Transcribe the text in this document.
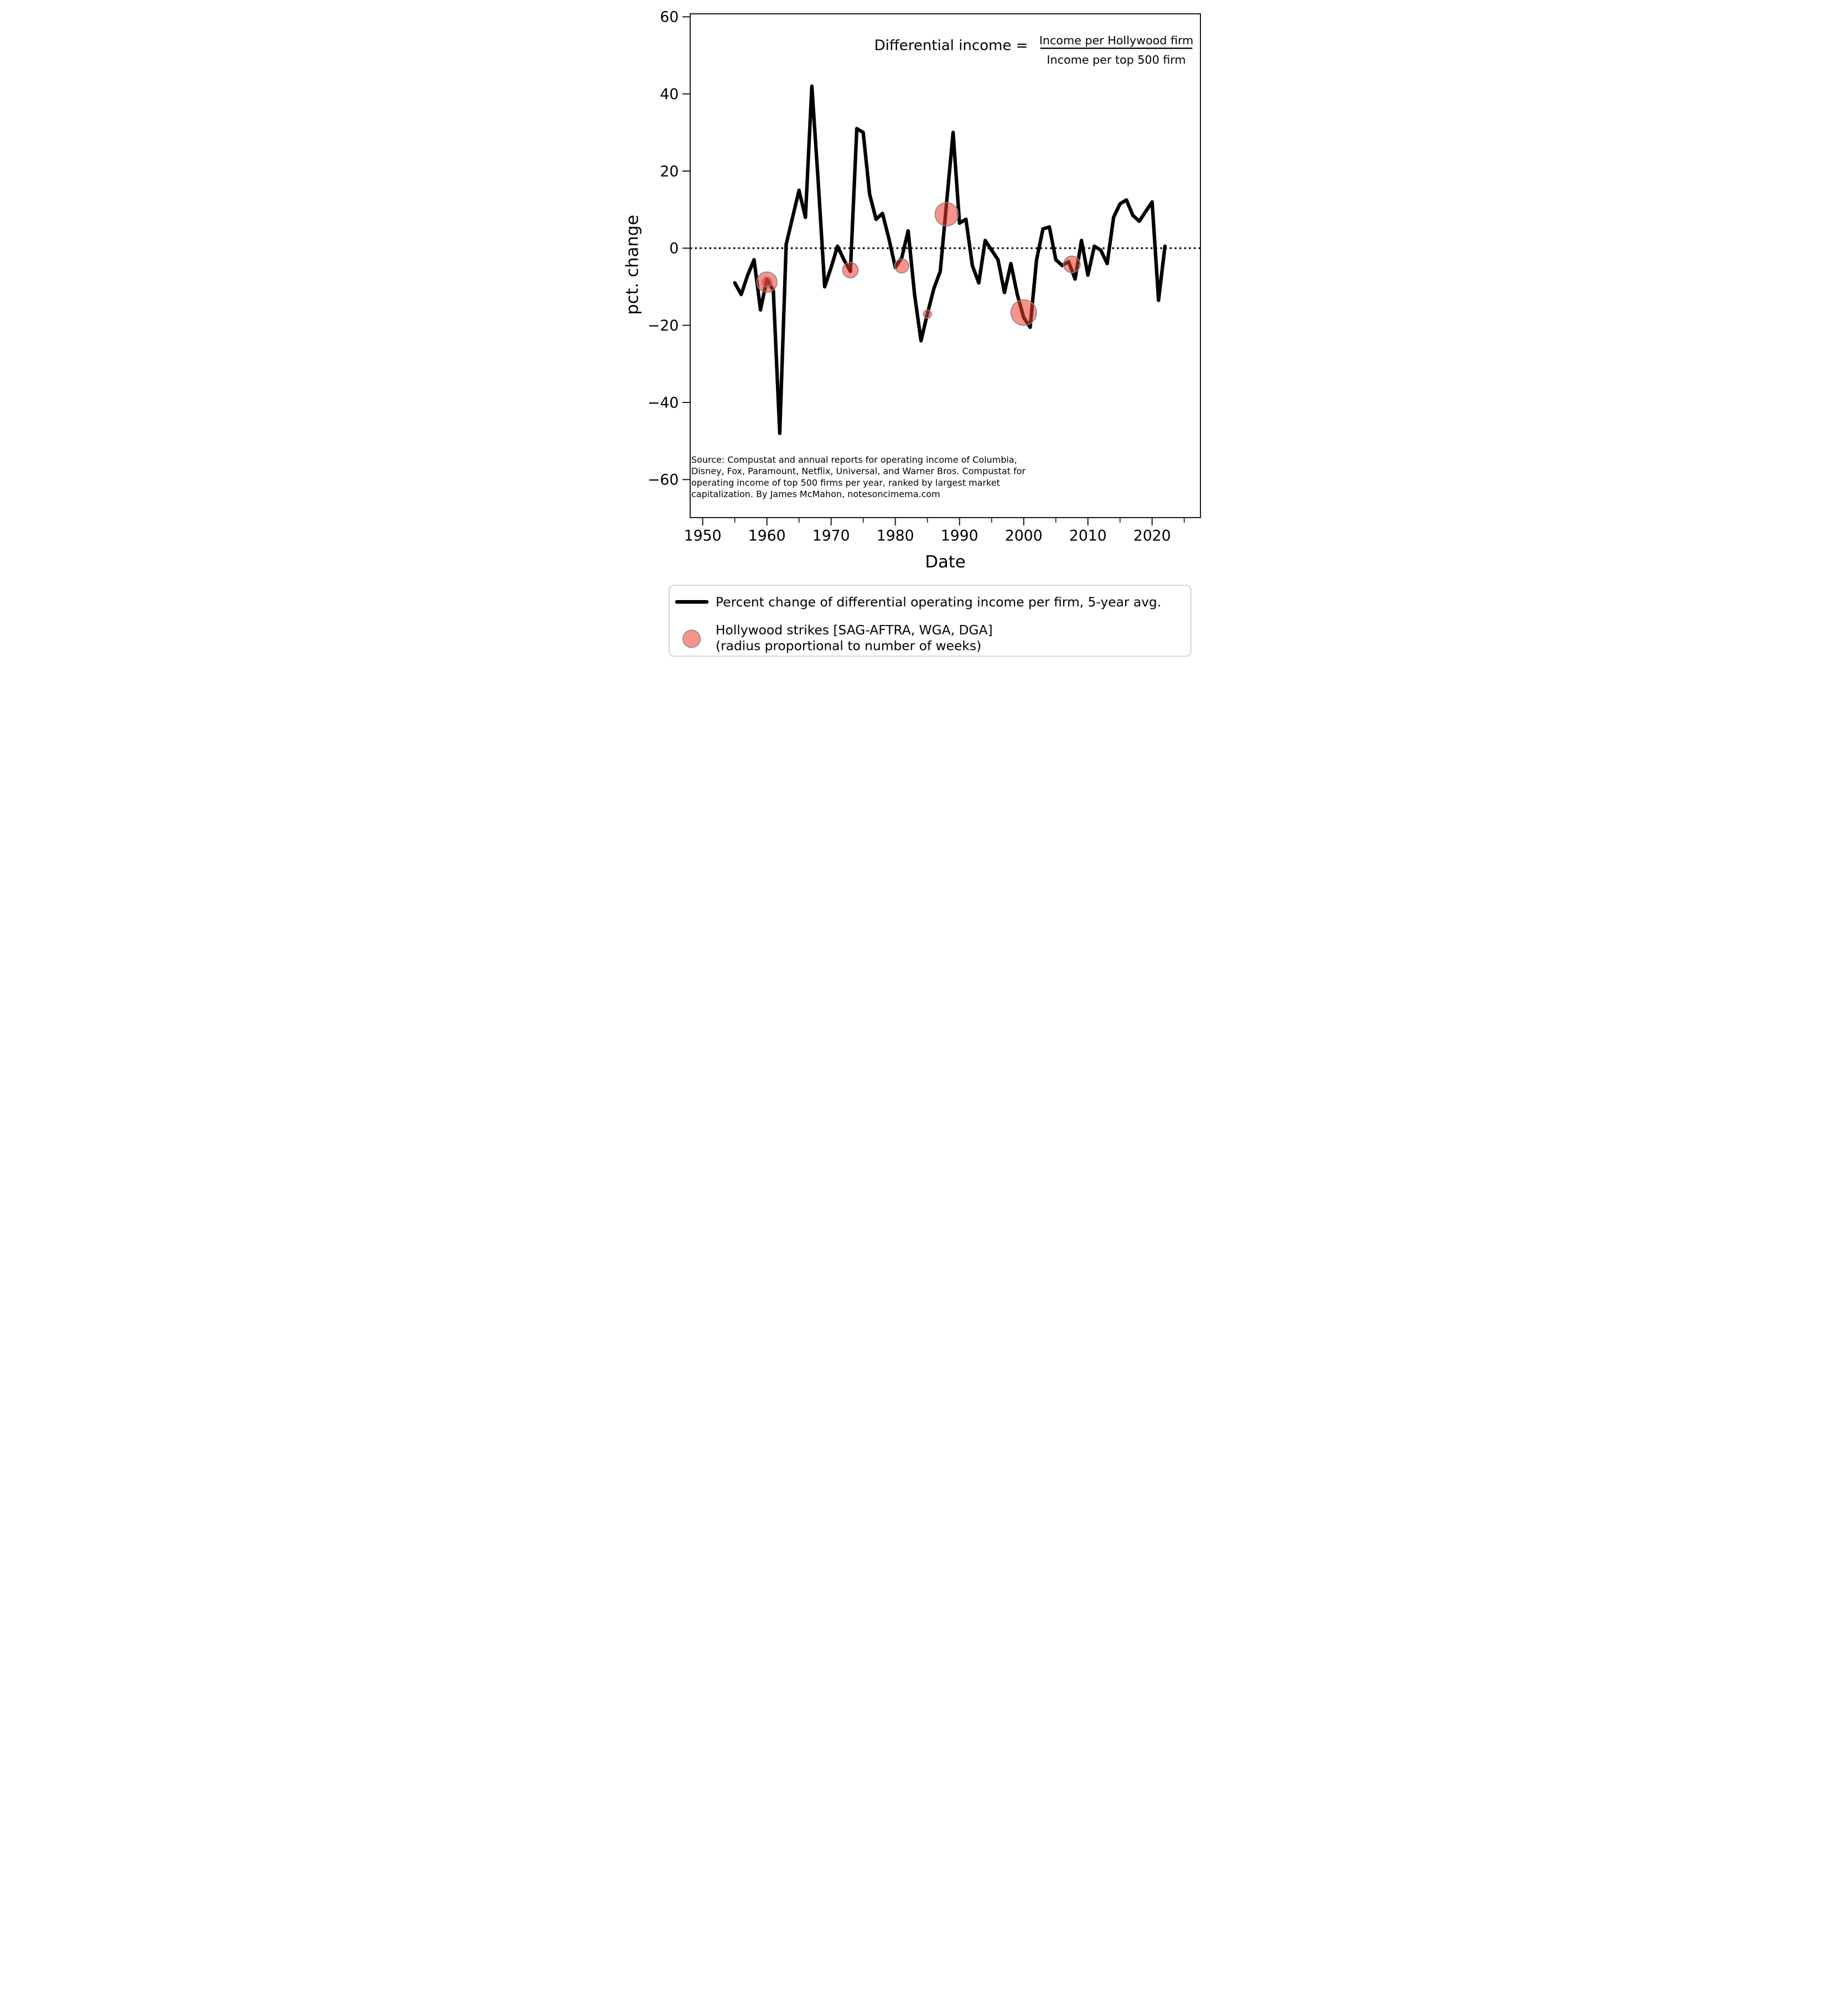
60
40
20
0
−20
−40
−60
1950 1960 1970 1980 1990 2000 2010 2020
Date
pct. change
Differential income = Income per Hollywood firm
Income per top 500 firm
Source: Compustat and annual reports for operating income of Columbia,
Disney, Fox, Paramount, Netflix, Universal, and Warner Bros. Compustat for
operating income of top 500 firms per year, ranked by largest market
capitalization. By James McMahon, notesoncimema.com
Percent change of differential operating income per firm, 5-year avg.
Hollywood strikes [SAG-AFTRA, WGA, DGA]
(radius proportional to number of weeks)
